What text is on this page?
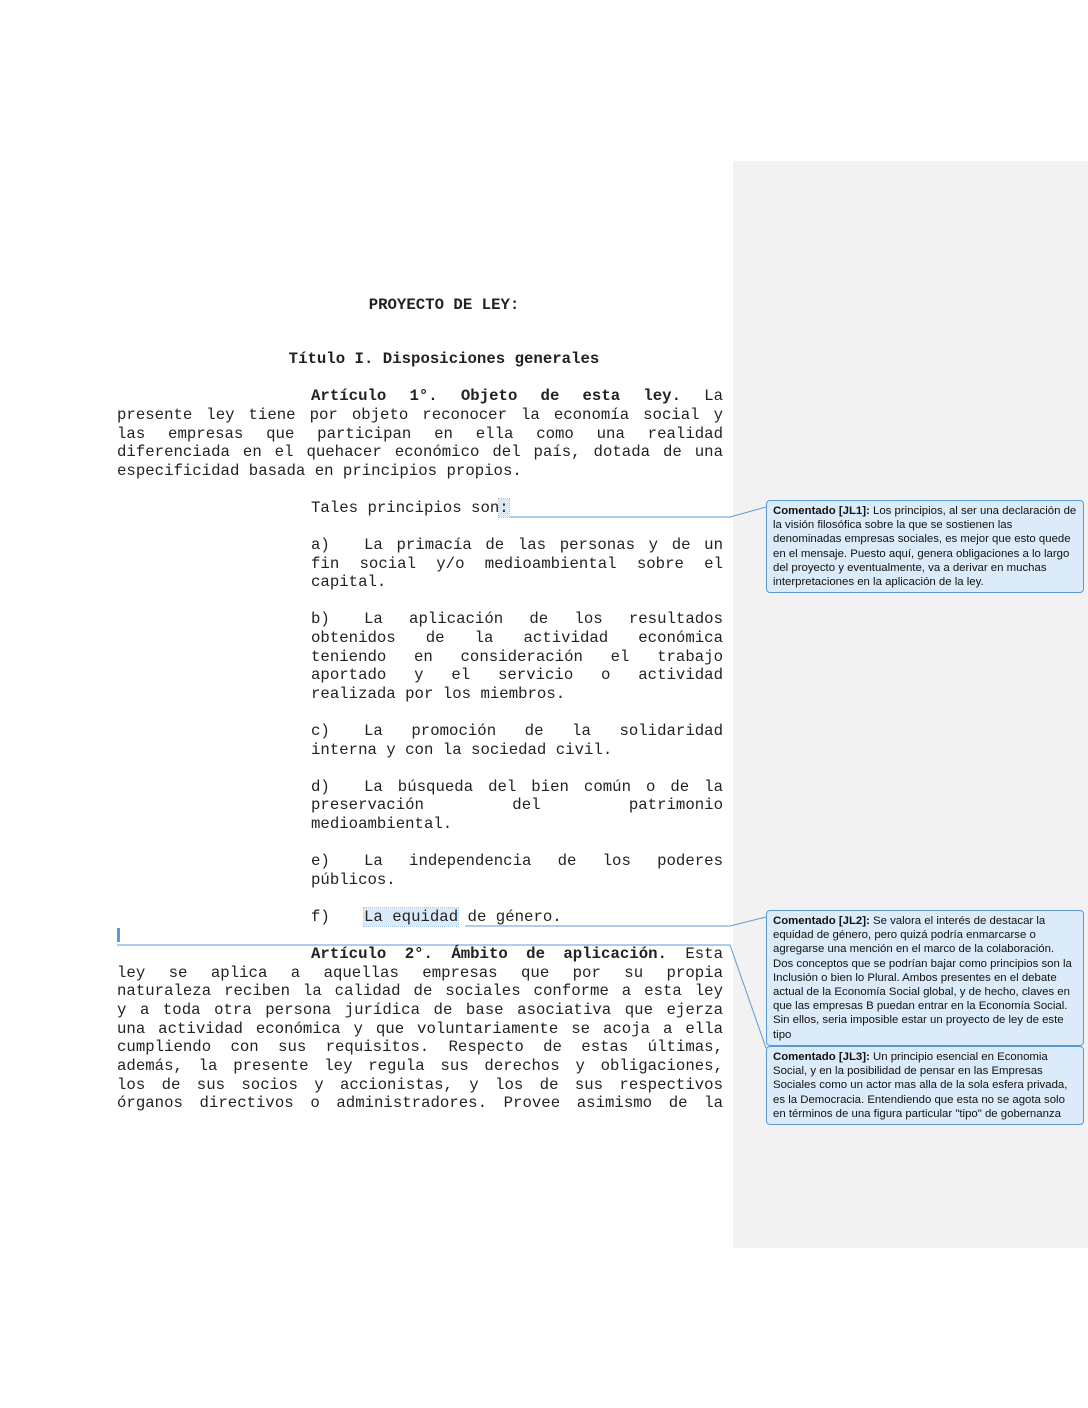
PROYECTO DE LEY:
Título I. Disposiciones generales
Artículo 1°. Objeto de esta ley. La
presente ley tiene por objeto reconocer la economía social y
las empresas que participan en ella como una realidad
diferenciada en el quehacer económico del país, dotada de una
especificidad basada en principios propios.
Tales principios son:
a) La primacía de las personas y de un
fin social y/o medioambiental sobre el
capital.
b) La aplicación de los resultados
obtenidos de la actividad económica
teniendo en consideración el trabajo
aportado y el servicio o actividad
realizada por los miembros.
c) La promoción de la solidaridad
interna y con la sociedad civil.
d) La búsqueda del bien común o de la
preservación del patrimonio
medioambiental.
e) La independencia de los poderes
públicos.
f) La equidad de género.
Artículo 2°. Ámbito de aplicación. Esta
ley se aplica a aquellas empresas que por su propia
naturaleza reciben la calidad de sociales conforme a esta ley
y a toda otra persona jurídica de base asociativa que ejerza
una actividad económica y que voluntariamente se acoja a ella
cumpliendo con sus requisitos. Respecto de estas últimas,
además, la presente ley regula sus derechos y obligaciones,
los de sus socios y accionistas, y los de sus respectivos
órganos directivos o administradores. Provee asimismo de la
Comentado [JL1]: Los principios, al ser una declaración de la visión filosófica sobre la que se sostienen las denominadas empresas sociales, es mejor que esto quede en el mensaje. Puesto aquí, genera obligaciones a lo largo del proyecto y eventualmente, va a derivar en muchas interpretaciones en la aplicación de la ley.
Comentado [JL2]: Se valora el interés de destacar la equidad de género, pero quizá podría enmarcarse o agregarse una mención en el marco de la colaboración. Dos conceptos que se podrían bajar como principios son la Inclusión o bien lo Plural. Ambos presentes en el debate actual de la Economía Social global, y de hecho, claves en que las empresas B puedan entrar en la Economía Social. Sin ellos, seria imposible estar un proyecto de ley de este tipo
Comentado [JL3]: Un principio esencial en Economia Social, y en la posibilidad de pensar en las Empresas Sociales como un actor mas alla de la sola esfera privada, es la Democracia. Entendiendo que esta no se agota solo en términos de una figura particular "tipo" de gobernanza
